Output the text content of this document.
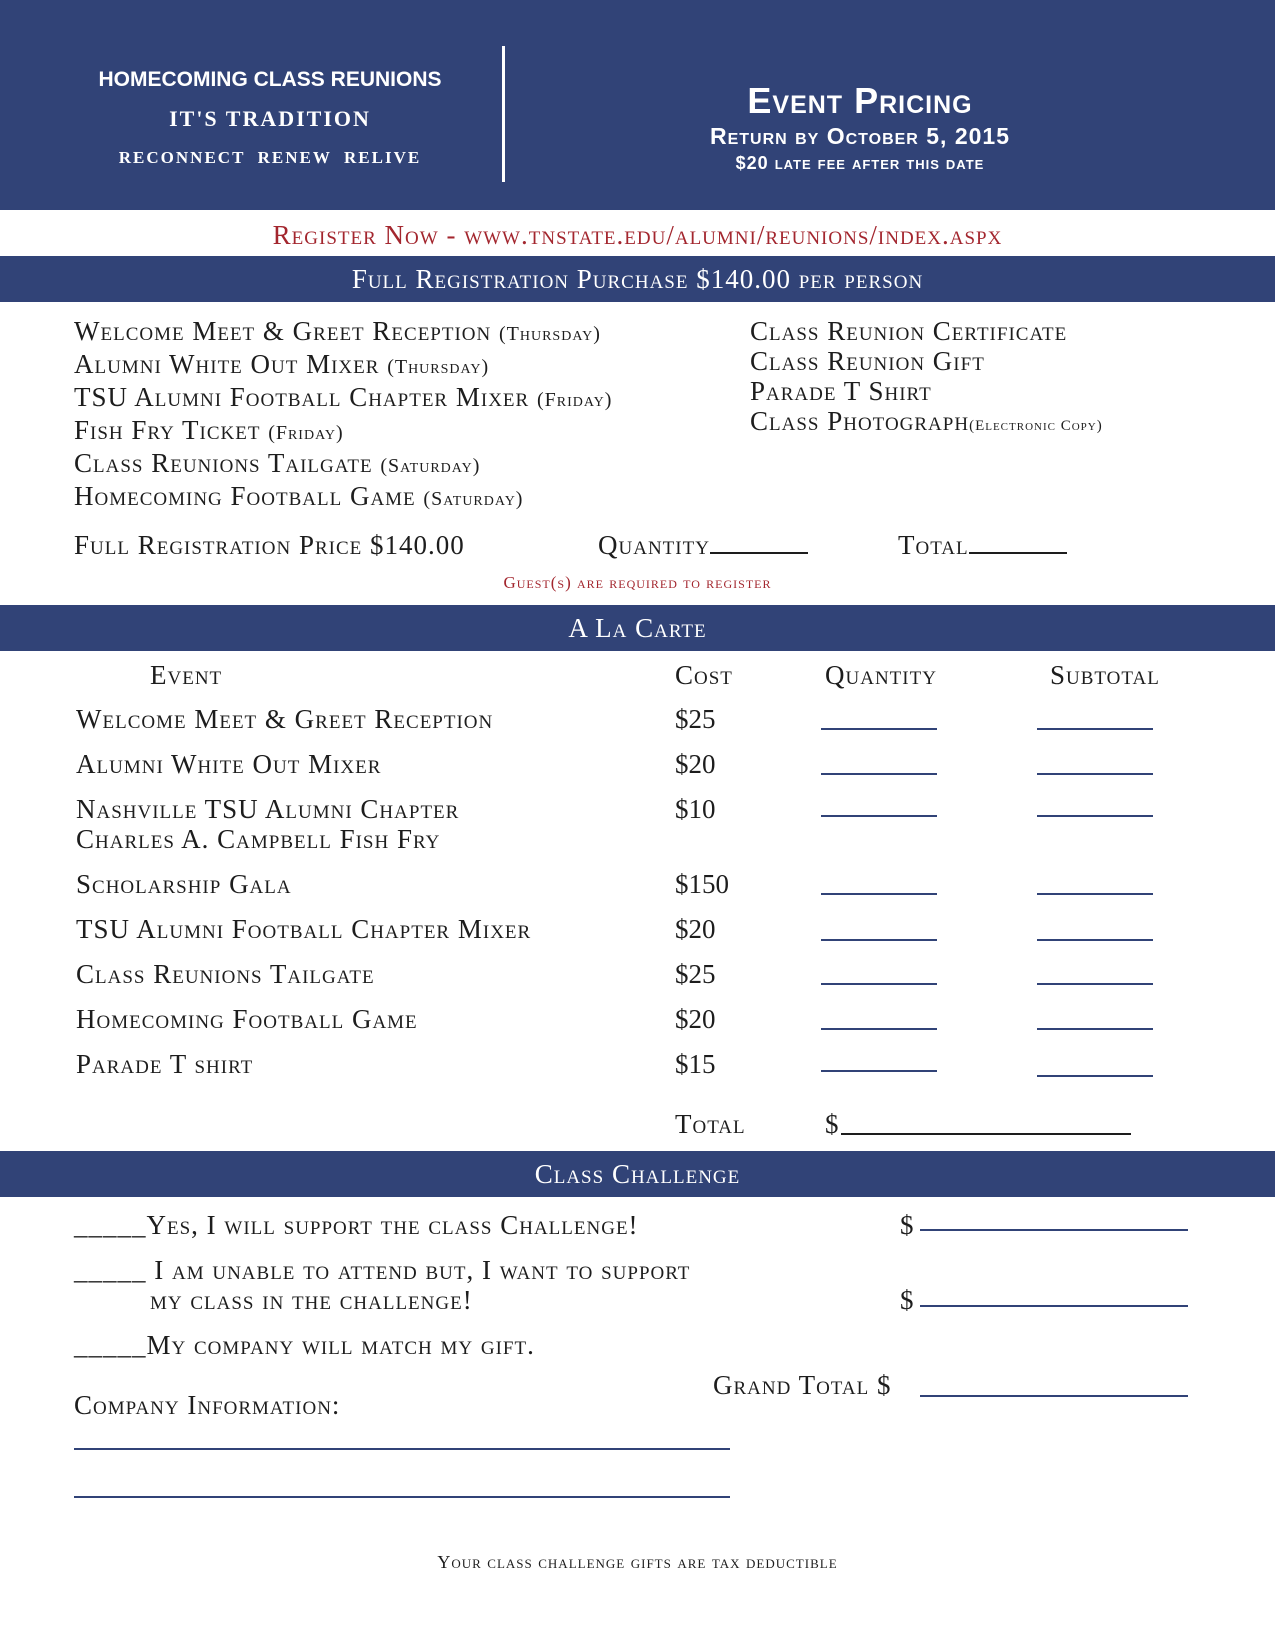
HOMECOMING CLASS REUNIONS
IT'S TRADITION
RECONNECT  RENEW  RELIVE
Event Pricing
Return by October 5, 2015
$20 late fee after this date
Register Now - www.tnstate.edu/alumni/reunions/index.aspx
Full Registration Purchase $140.00 per person
Welcome Meet & Greet Reception (Thursday)
Alumni White Out Mixer (Thursday)
TSU Alumni Football Chapter Mixer (Friday)
Fish Fry Ticket (Friday)
Class Reunions Tailgate (Saturday)
Homecoming Football Game (Saturday)
Class Reunion Certificate
Class Reunion Gift
Parade T Shirt
Class Photograph(Electronic Copy)
Full Registration Price $140.00	Quantity	Total
Guest(s) are required to register
A La Carte
Event	Cost	Quantity	Subtotal
Welcome Meet & Greet Reception	$25
Alumni White Out Mixer	$20
Nashville TSU Alumni Chapter
Charles A. Campbell Fish Fry
$10
Scholarship Gala	$150
TSU Alumni Football Chapter Mixer	$20
Class Reunions Tailgate	$25
Homecoming Football Game	$20
Parade T shirt	$15
Total	$
Class Challenge
_____Yes, I will support the class Challenge!	$
_____ I am unable to attend but, I want to support
my class in the challenge!	$
_____My company will match my gift.
Grand Total $
Company Information:
Your class challenge gifts are tax deductible
